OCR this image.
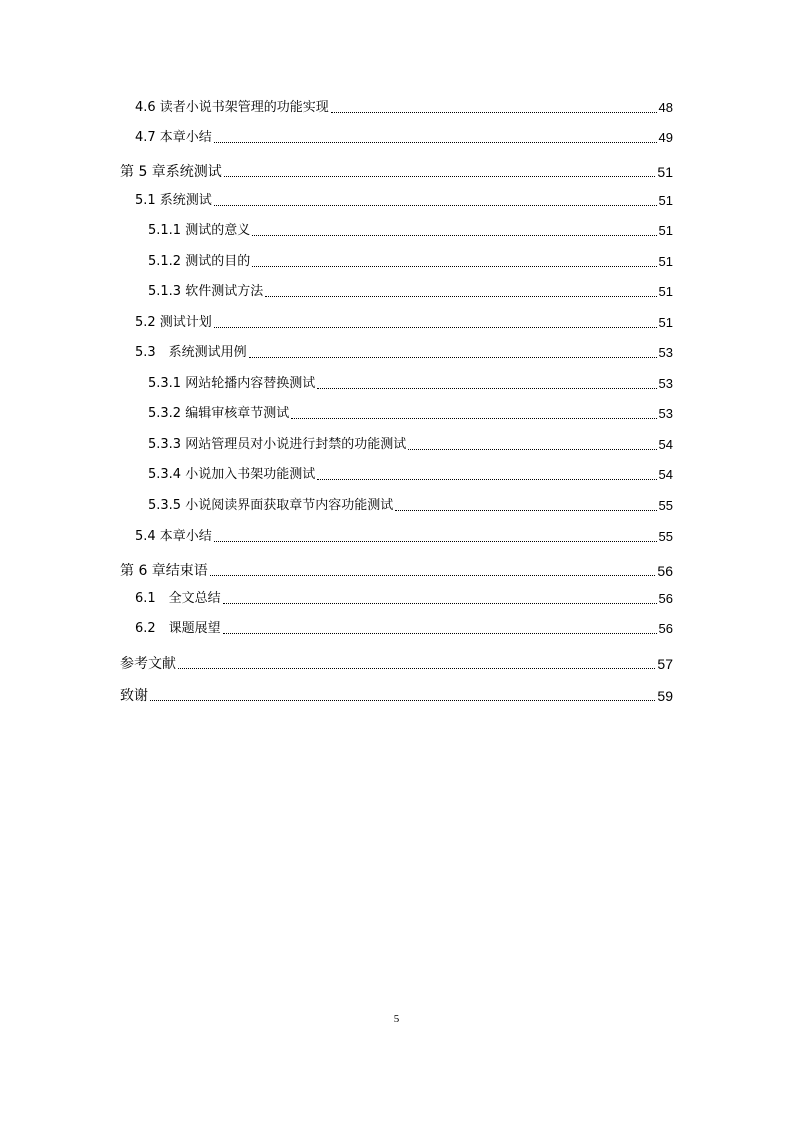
4.6 读者小说书架管理的功能实现	48
4.7 本章小结	49
第 5 章系统测试	51
5.1 系统测试	51
5.1.1 测试的意义	51
5.1.2 测试的目的	51
5.1.3 软件测试方法	51
5.2 测试计划	51
5.3　系统测试用例	53
5.3.1 网站轮播内容替换测试	53
5.3.2 编辑审核章节测试	53
5.3.3 网站管理员对小说进行封禁的功能测试	54
5.3.4 小说加入书架功能测试	54
5.3.5 小说阅读界面获取章节内容功能测试	55
5.4 本章小结	55
第 6 章结束语	56
6.1　全文总结	56
6.2　课题展望	56
参考文献	57
致谢	59
5
